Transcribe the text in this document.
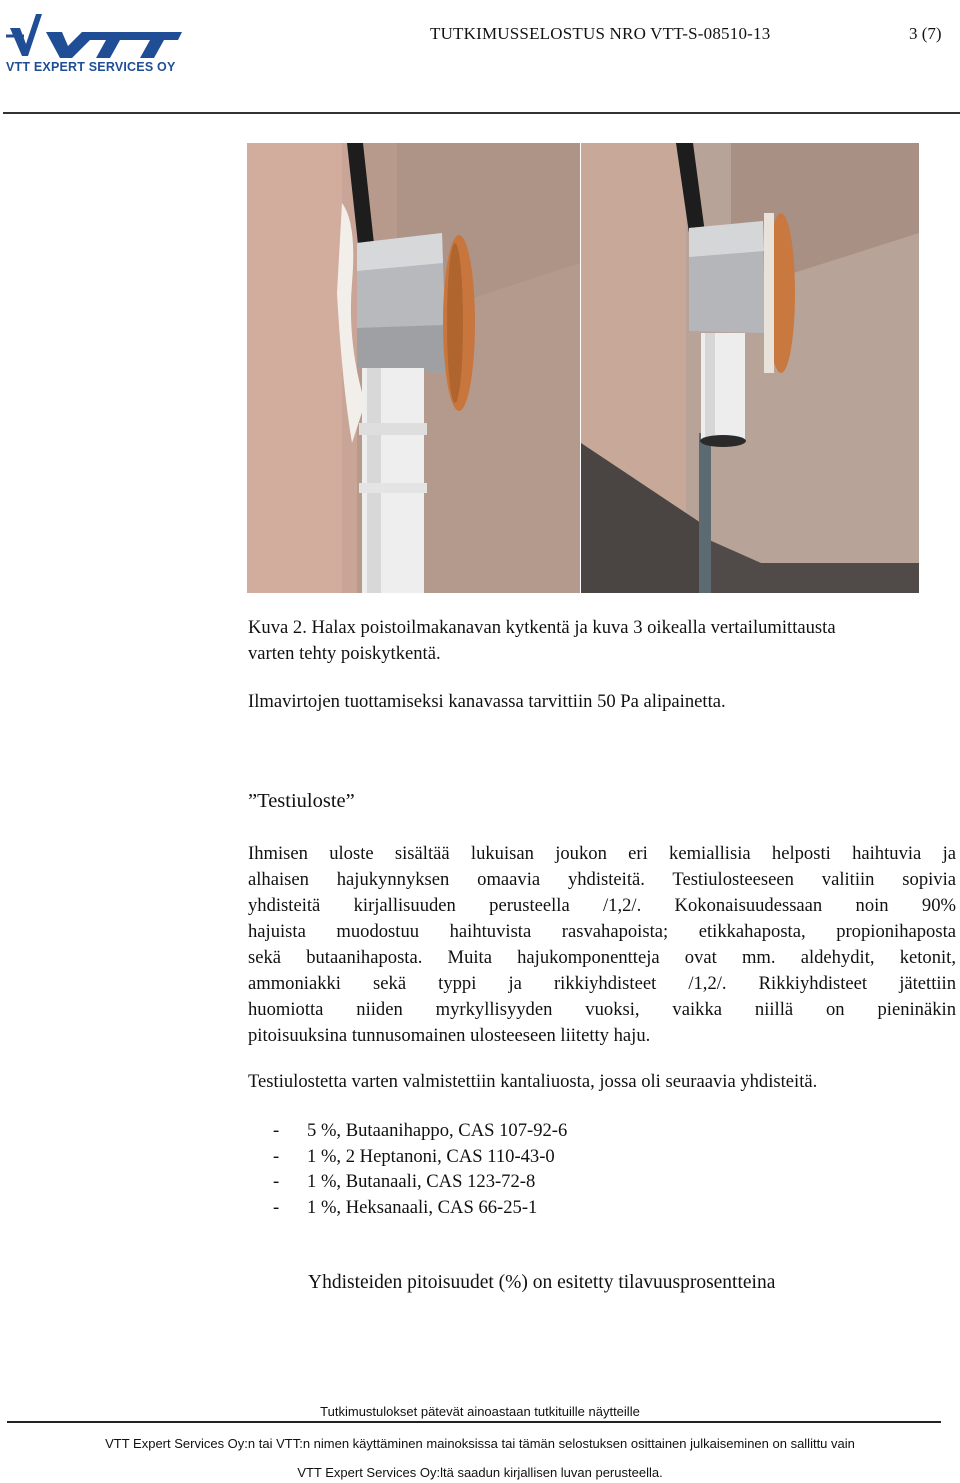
VTT EXPERT SERVICES OY
TUTKIMUSSELOSTUS NRO VTT-S-08510-13	3 (7)
Kuva 2. Halax poistoilmakanavan kytkentä ja kuva 3 oikealla vertailumittausta
varten tehty poiskytkentä.
Ilmavirtojen tuottamiseksi kanavassa tarvittiin 50 Pa alipainetta.
”Testiuloste”
Ihmisen uloste sisältää lukuisan joukon eri kemiallisia helposti haihtuvia ja
alhaisen hajukynnyksen omaavia yhdisteitä. Testiulosteeseen valitiin sopivia
yhdisteitä kirjallisuuden perusteella /1,2/. Kokonaisuudessaan noin 90%
hajuista muodostuu haihtuvista rasvahapoista; etikkahaposta, propionihaposta
sekä butaanihaposta. Muita hajukomponentteja ovat mm. aldehydit, ketonit,
ammoniakki sekä typpi ja rikkiyhdisteet /1,2/. Rikkiyhdisteet jätettiin
huomiotta niiden myrkyllisyyden vuoksi, vaikka niillä on pieninäkin
pitoisuuksina tunnusomainen ulosteeseen liitetty haju.
Testiulostetta varten valmistettiin kantaliuosta, jossa oli seuraavia yhdisteitä.
-	5 %, Butaanihappo, CAS 107-92-6
-	1 %, 2 Heptanoni, CAS 110-43-0
-	1 %, Butanaali, CAS 123-72-8
-	1 %, Heksanaali, CAS 66-25-1
Yhdisteiden pitoisuudet (%) on esitetty tilavuusprosentteina
Tutkimustulokset pätevät ainoastaan tutkituille näytteille
VTT Expert Services Oy:n tai VTT:n nimen käyttäminen mainoksissa tai tämän selostuksen osittainen julkaiseminen on sallittu vain
VTT Expert Services Oy:ltä saadun kirjallisen luvan perusteella.
